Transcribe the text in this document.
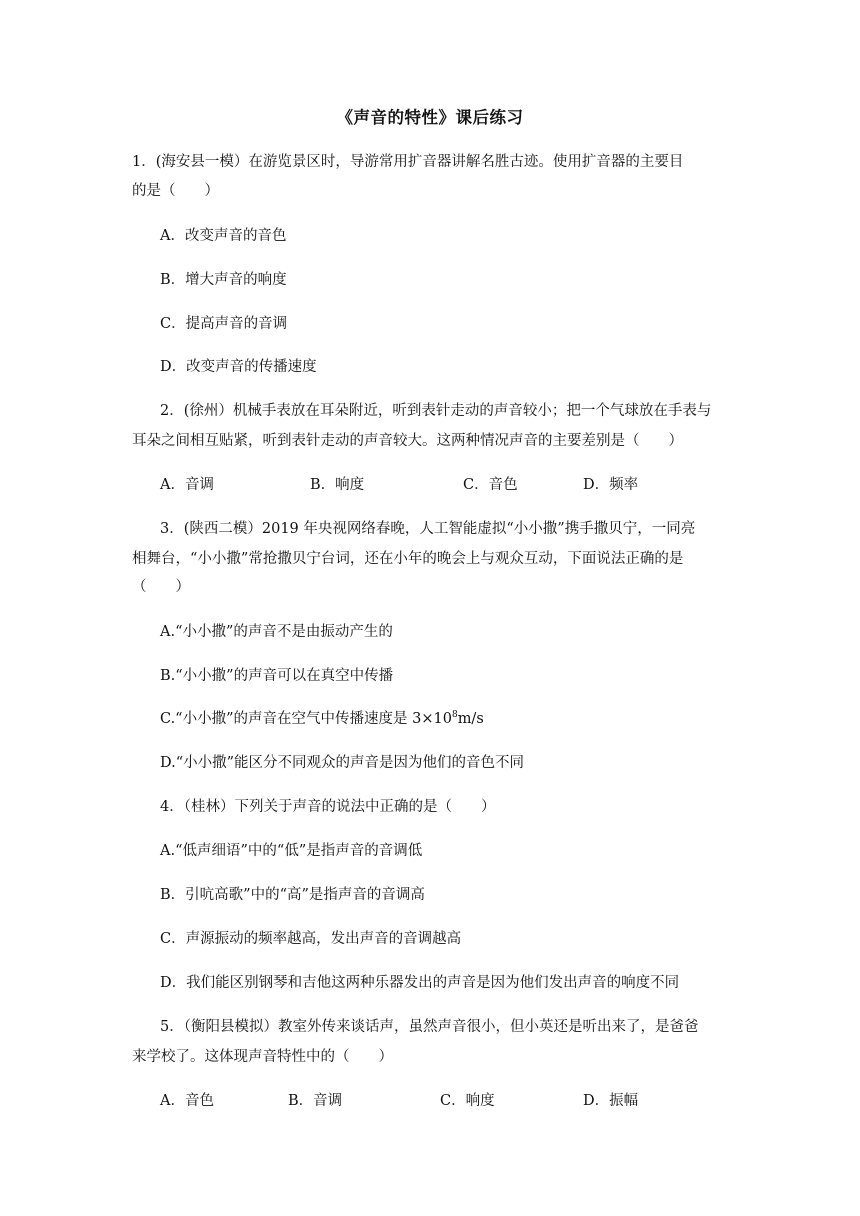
《声音的特性》课后练习
1．(海安县一模）在游览景区时，导游常用扩音器讲解名胜古迹。使用扩音器的主要目
的是（　　）
A．改变声音的音色
B．增大声音的响度
C．提高声音的音调
D．改变声音的传播速度
2．(徐州）机械手表放在耳朵附近，听到表针走动的声音较小；把一个气球放在手表与
耳朵之间相互贴紧，听到表针走动的声音较大。这两种情况声音的主要差别是（　　）
A．音调	B．响度	C．音色	D．频率
3．(陕西二模）2019 年央视网络春晚，人工智能虚拟“小小撒”携手撒贝宁，一同亮
相舞台，“小小撒”常抢撒贝宁台词，还在小年的晚会上与观众互动，下面说法正确的是
（　　）
A.“小小撒”的声音不是由振动产生的
B.“小小撒”的声音可以在真空中传播
C.“小小撒”的声音在空气中传播速度是 $3\times 10^8m/s$
D.“小小撒”能区分不同观众的声音是因为他们的音色不同
4．（桂林）下列关于声音的说法中正确的是（　　）
A.“低声细语”中的“低”是指声音的音调低
B．引吭高歌”中的“高”是指声音的音调高
C．声源振动的频率越高，发出声音的音调越高
D．我们能区别钢琴和吉他这两种乐器发出的声音是因为他们发出声音的响度不同
5．（衡阳县模拟）教室外传来谈话声，虽然声音很小，但小英还是听出来了，是爸爸
来学校了。这体现声音特性中的（　　）
A．音色	B．音调	C．响度	D．振幅
